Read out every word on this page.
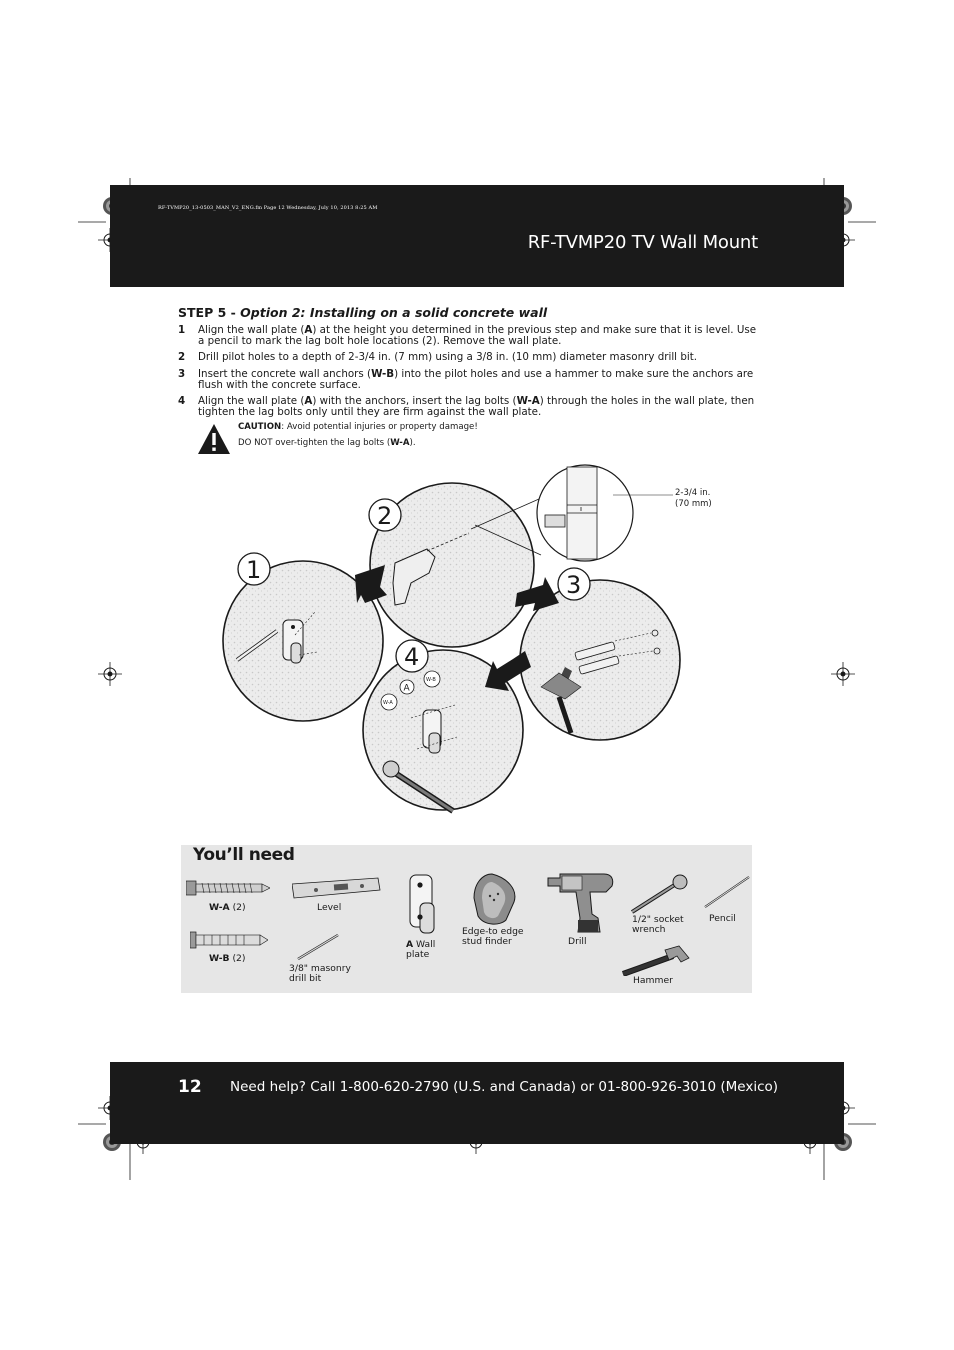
RF-TVMP20_13-0503_MAN_V2_ENG.fm Page 12 Wednesday, July 10, 2013 8:25 AM
RF-TVMP20 TV Wall Mount
STEP 5 - Option 2: Installing on a solid concrete wall
1 Align the wall plate (A) at the height you determined in the previous step and make sure that it is level. Use a pencil to mark the lag bolt hole locations (2). Remove the wall plate.
2 Drill pilot holes to a depth of 2-3/4 in. (7 mm) using a 3/8 in. (10 mm) diameter masonry drill bit.
3 Insert the concrete wall anchors (W-B) into the pilot holes and use a hammer to make sure the anchors are flush with the concrete surface.
4 Align the wall plate (A) with the anchors, insert the lag bolts (W-A) through the holes in the wall plate, then tighten the lag bolts only until they are firm against the wall plate.
CAUTION: Avoid potential injuries or property damage!
DO NOT over-tighten the lag bolts (W-A).
2-3/4 in.
(70 mm)
A
W-B
W-A
1
2
3
4
You’ll need
W-A (2)
W-B (2)
Level
3/8" masonry
drill bit
A Wall
plate
Edge-to edge
stud finder	Drill
1/2" socket
wrench
Pencil
Hammer
12 Need help? Call 1-800-620-2790 (U.S. and Canada) or 01-800-926-3010 (Mexico)
